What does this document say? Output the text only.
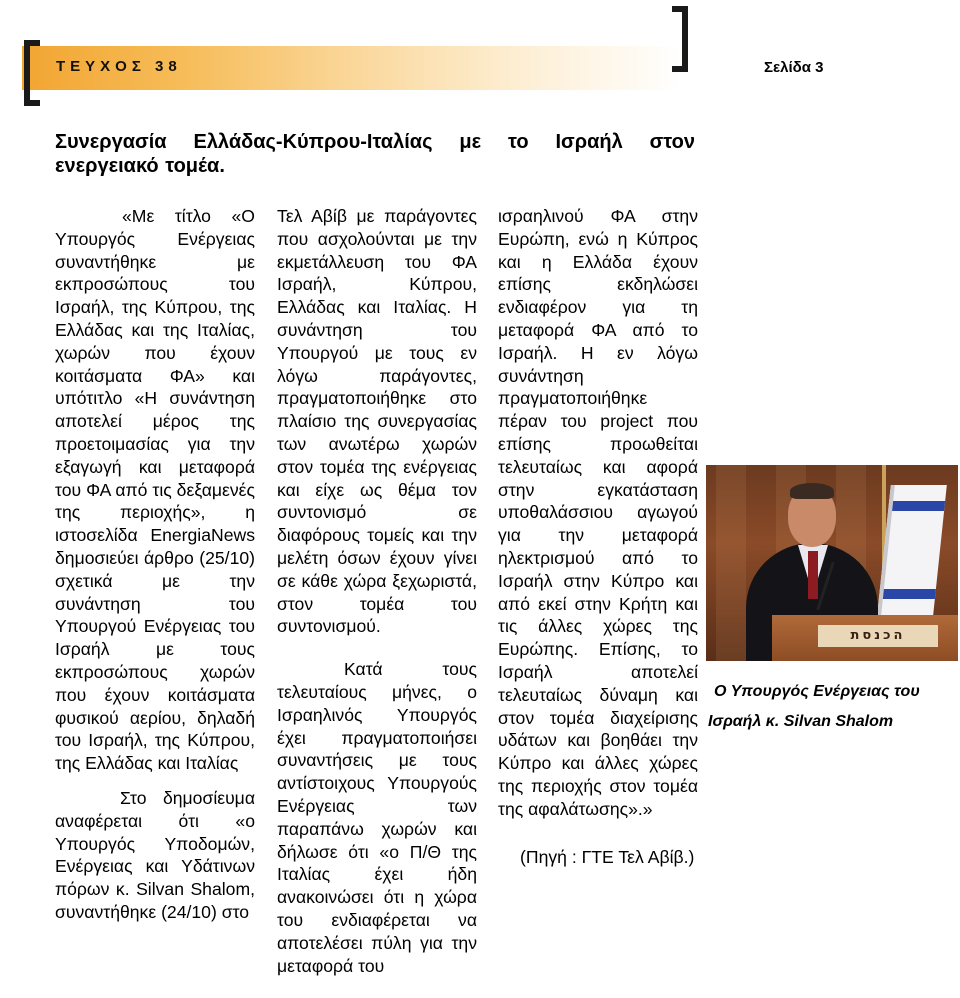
ΤΕΥΧΟΣ 38	Σελίδα 3
Συνεργασία Ελλάδας-Κύπρου-Ιταλίας με το Ισραήλ στον ενεργειακό τομέα.

«Με τίτλο «Ο Υπουργός Ενέργειας συναντήθηκε με εκπροσώπους του Ισραήλ, της Κύπρου, της Ελλάδας και της Ιταλίας, χωρών που έχουν κοιτάσματα ΦΑ» και υπότιτλο «Η συνάντηση αποτελεί μέρος της προετοιμασίας για την εξαγωγή και μεταφορά του ΦΑ από τις δεξαμενές της περιοχής», η ιστοσελίδα EnergiaNews δημοσιεύει άρθρο (25/10) σχετικά με την συνάντηση του Υπουργού Ενέργειας του Ισραήλ με τους εκπροσώπους χωρών που έχουν κοιτάσματα φυσικού αερίου, δηλαδή του Ισραήλ, της Κύπρου, της Ελλάδας και Ιταλίας

Στο δημοσίευμα αναφέρεται ότι «ο Υπουργός Υποδομών, Ενέργειας και Υδάτινων πόρων κ. Silvan Shalom, συναντήθηκε (24/10) στο

Τελ Αβίβ με παράγοντες που ασχολούνται με την εκμετάλλευση του ΦΑ Ισραήλ, Κύπρου, Ελλάδας και Ιταλίας. Η συνάντηση του Υπουργού με τους εν λόγω παράγοντες, πραγματοποιήθηκε στο πλαίσιο της συνεργασίας των ανωτέρω χωρών στον τομέα της ενέργειας και είχε ως θέμα τον συντονισμό σε διαφόρους τομείς και την μελέτη όσων έχουν γίνει σε κάθε χώρα ξεχωριστά, στον τομέα του συντονισμού.

Κατά τους τελευταίους μήνες, ο Ισραηλινός Υπουργός έχει πραγματοποιήσει συναντήσεις με τους αντίστοιχους Υπουργούς Ενέργειας των παραπάνω χωρών και δήλωσε ότι «ο Π/Θ της Ιταλίας έχει ήδη ανακοινώσει ότι η χώρα του ενδιαφέρεται να αποτελέσει πύλη για την μεταφορά του

ισραηλινού ΦΑ στην Ευρώπη, ενώ η Κύπρος και η Ελλάδα έχουν επίσης εκδηλώσει ενδιαφέρον για τη μεταφορά ΦΑ από το Ισραήλ. Η εν λόγω συνάντηση πραγματοποιήθηκε πέραν του project που επίσης προωθείται τελευταίως και αφορά στην εγκατάσταση υποθαλάσσιου αγωγού για την μεταφορά ηλεκτρισμού από το Ισραήλ στην Κύπρο και από εκεί στην Κρήτη και τις άλλες χώρες της Ευρώπης. Επίσης, το Ισραήλ αποτελεί τελευταίως δύναμη και στον τομέα διαχείρισης υδάτων και βοηθάει την Κύπρο και άλλες χώρες της περιοχής στον τομέα της αφαλάτωσης».»

(Πηγή : ΓΤΕ Τελ Αβίβ.)

הכנסת
Ο Υπουργός Ενέργειας του
Ισραήλ κ. Silvan Shalom
